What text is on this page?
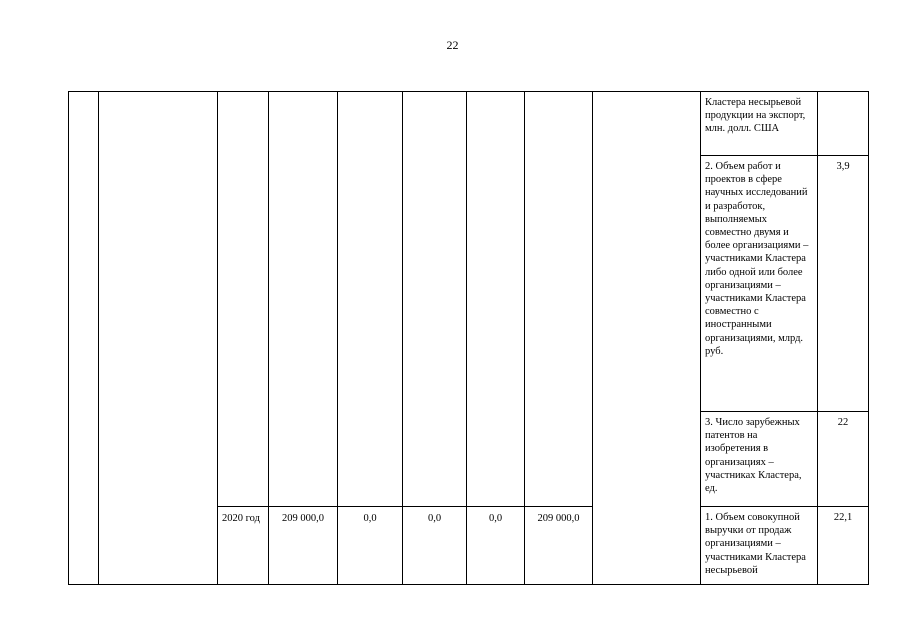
22
									Кластера несырьевой продукции на экспорт, млн. долл. США	
									2. Объем работ и проектов в сфере научных исследований и разработок, выполняемых совместно двумя и более организациями – участниками Кластера либо одной или более организациями – участниками Кластера совместно с иностранными организациями, млрд. руб.	3,9
									3. Число зарубежных патентов на изобретения в организациях – участниках Кластера, ед.	22
		2020 год	209 000,0	0,0	0,0	0,0	209 000,0		1. Объем совокупной выручки от продаж организациями – участниками Кластера несырьевой	22,1
